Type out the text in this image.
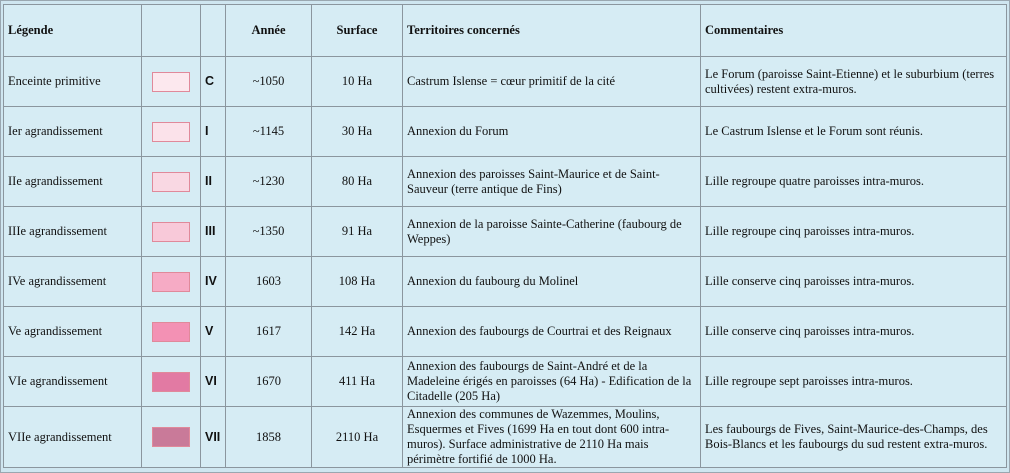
Légende			Année	Surface	Territoires concernés	Commentaires
Enceinte primitive		C	~1050	10 Ha	Castrum Islense = cœur primitif de la cité	Le Forum (paroisse Saint-Etienne) et le suburbium (terres cultivées) restent extra-muros.
Ier agrandissement		I	~1145	30 Ha	Annexion du Forum	Le Castrum Islense et le Forum sont réunis.
IIe agrandissement		II	~1230	80 Ha	Annexion des paroisses Saint-Maurice et de Saint-Sauveur (terre antique de Fins)	Lille regroupe quatre paroisses intra-muros.
IIIe agrandissement		III	~1350	91 Ha	Annexion de la paroisse Sainte-Catherine (faubourg de Weppes)	Lille regroupe cinq paroisses intra-muros.
IVe agrandissement		IV	1603	108 Ha	Annexion du faubourg du Molinel	Lille conserve cinq paroisses intra-muros.
Ve agrandissement		V	1617	142 Ha	Annexion des faubourgs de Courtrai et des Reignaux	Lille conserve cinq paroisses intra-muros.
VIe agrandissement		VI	1670	411 Ha	Annexion des faubourgs de Saint-André et de la Madeleine érigés en paroisses (64 Ha) - Edification de la Citadelle (205 Ha)	Lille regroupe sept paroisses intra-muros.
VIIe agrandissement		VII	1858	2110 Ha	Annexion des communes de Wazemmes, Moulins, Esquermes et Fives (1699 Ha en tout dont 600 intra-muros). Surface administrative de 2110 Ha mais périmètre fortifié de 1000 Ha.	Les faubourgs de Fives, Saint-Maurice-des-Champs, des Bois-Blancs et les faubourgs du sud restent extra-muros.
